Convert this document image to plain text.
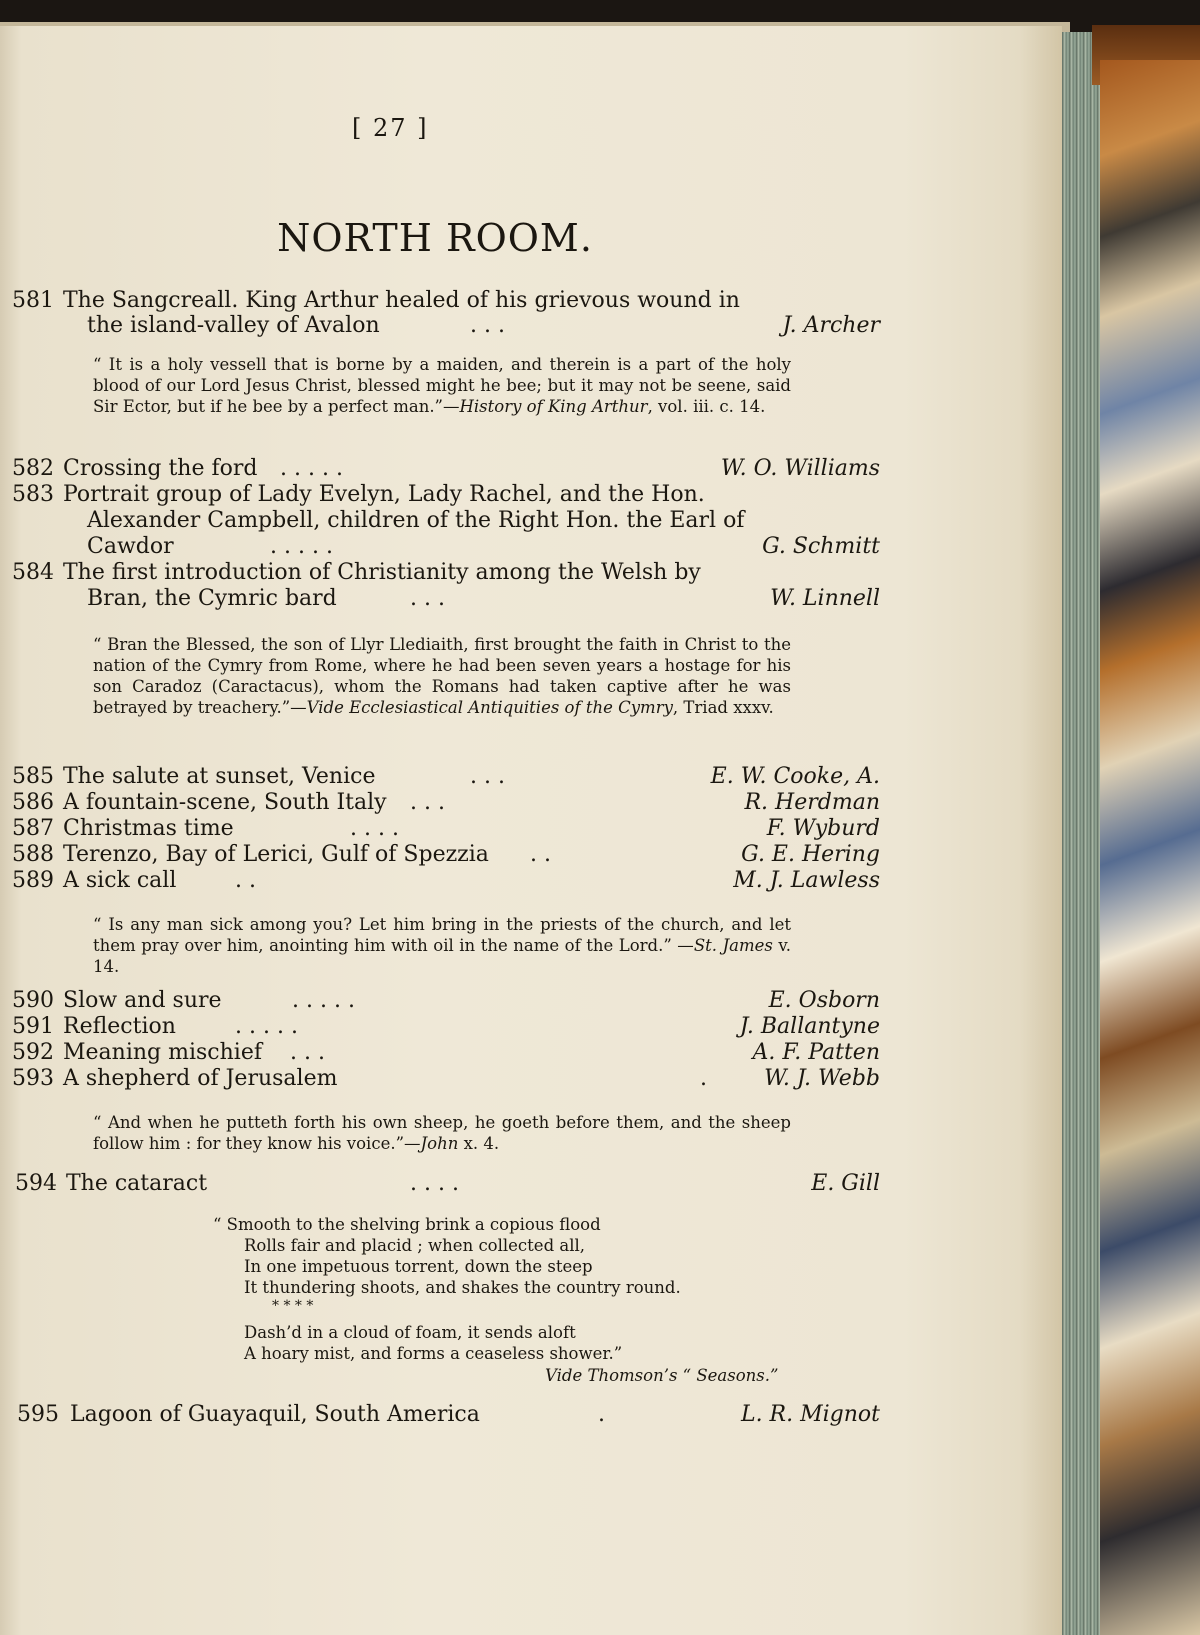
[ 27 ]
NORTH ROOM.
581 The Sangcreall. King Arthur healed of his grievous wound in
the island-valley of Avalon	. . .	J. Archer
“ It is a holy vessell that is borne by a maiden, and therein is a part of the holy blood of our Lord Jesus Christ, blessed might he bee; but it may not be seene, said Sir Ector, but if he bee by a perfect man.”—History of King Arthur, vol. iii. c. 14.
582 Crossing the ford . . . . .	W. O. Williams
583 Portrait group of Lady Evelyn, Lady Rachel, and the Hon.
Alexander Campbell, children of the Right Hon. the Earl of
Cawdor	. . . . .	G. Schmitt
584 The first introduction of Christianity among the Welsh by
Bran, the Cymric bard	. . .	W. Linnell
“ Bran the Blessed, the son of Llyr Llediaith, first brought the faith in Christ to the nation of the Cymry from Rome, where he had been seven years a hostage for his son Caradoz (Caractacus), whom the Romans had taken captive after he was betrayed by treachery.”—Vide Ecclesiastical Antiquities of the Cymry, Triad xxxv.
585 The salute at sunset, Venice	. . .	E. W. Cooke, A.
586 A fountain-scene, South Italy . . .	R. Herdman
587 Christmas time	. . . .	F. Wyburd
588 Terenzo, Bay of Lerici, Gulf of Spezzia . .	G. E. Hering
589 A sick call	. .	M. J. Lawless
“ Is any man sick among you? Let him bring in the priests of the church, and let them pray over him, anointing him with oil in the name of the Lord.” —St. James v. 14.
590 Slow and sure	. . . . .	E. Osborn
591 Reflection	. . . . .	J. Ballantyne
592 Meaning mischief . . .	A. F. Patten
593 A shepherd of Jerusalem	.	W. J. Webb
“ And when he putteth forth his own sheep, he goeth before them, and the sheep follow him : for they know his voice.”—John x. 4.
594 The cataract	. . . .	E. Gill
“ Smooth to the shelving brink a copious flood
Rolls fair and placid ; when collected all,
In one impetuous torrent, down the steep
It thundering shoots, and shakes the country round.
* * * *
Dash’d in a cloud of foam, it sends aloft
A hoary mist, and forms a ceaseless shower.”
Vide Thomson’s “ Seasons.”
595 Lagoon of Guayaquil, South America	.	L. R. Mignot
